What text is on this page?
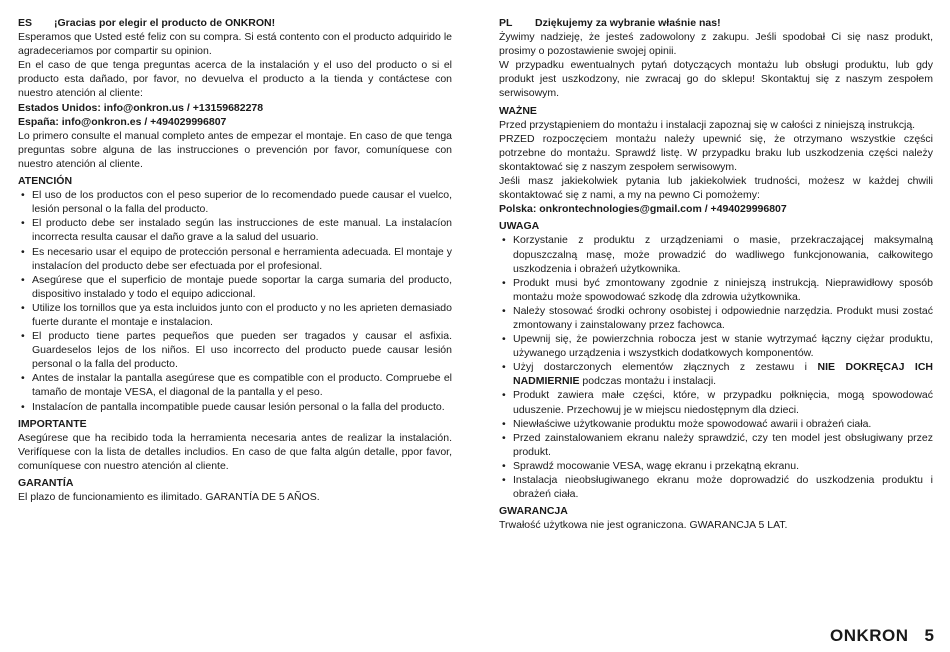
ES	¡Gracias por elegir el producto de ONKRON!

Esperamos que Usted esté feliz con su compra. Si está contento con el producto adquirido le agradeceriamos por compartir su opinion.

En el caso de que tenga preguntas acerca de la instalación y el uso del producto o si el producto esta dañado, por favor, no devuelva el producto a la tienda y contáctese con nuestro atención al cliente:

Estados Unidos: info@onkron.us / +13159682278

España: info@onkron.es / +494029996807

Lo primero consulte el manual completo antes de empezar el montaje. En caso de que tenga preguntas sobre alguna de las instrucciones o prevención por favor, comuníquese con nuestro atención al cliente.

ATENCIÓN
• El uso de los productos con el peso superior de lo recomendado puede causar el vuelco, lesión personal o la falla del producto.
• El producto debe ser instalado según las instrucciones de este manual. La instalacíon incorrecta resulta causar el daño grave a la salud del usuario.
• Es necesario usar el equipo de protección personal e herramienta adecuada. El montaje y instalacíon del producto debe ser efectuada por el profesional.
• Asegúrese que el superficio de montaje puede soportar la carga sumaria del producto, dispositivo instalado y todo el equipo adiccional.
• Utilize los tornillos que ya esta incluidos junto con el producto y no les aprieten demasiado fuerte durante el montaje e instalacion.
• El producto tiene partes pequeños que pueden ser tragados y causar el asfixia. Guardeselos lejos de los niños. El uso incorrecto del producto puede causar lesión personal o la falla del producto.
• Antes de instalar la pantalla asegúrese que es compatible con el producto. Compruebe el tamaño de montaje VESA, el diagonal de la pantalla y el peso.
• Instalacíon de pantalla incompatible puede causar lesión personal o la falla del producto.
IMPORTANTE

Asegúrese que ha recibido toda la herramienta necesaria antes de realizar la instalación. Verifíquese con la lista de detalles includios. En caso de que falta algún detalle, ppor favor, comuníquese con nuestro atención al cliente.

GARANTÍA

El plazo de funcionamiento es ilimitado. GARANTÍA DE 5 AÑOS.

PL	Dziękujemy za wybranie właśnie nas!

Żywimy nadzieję, że jesteś zadowolony z zakupu. Jeśli spodobał Ci się nasz produkt, prosimy o pozostawienie swojej opinii.

W przypadku ewentualnych pytań dotyczących montażu lub obsługi produktu, lub gdy produkt jest uszkodzony, nie zwracaj go do sklepu! Skontaktuj się z naszym zespołem serwisowym.

WAŻNE

Przed przystąpieniem do montażu i instalacji zapoznaj się w całości z niniejszą instrukcją.

PRZED rozpoczęciem montażu należy upewnić się, że otrzymano wszystkie części potrzebne do montażu. Sprawdź listę. W przypadku braku lub uszkodzenia części należy skontaktować się z naszym zespołem serwisowym.

Jeśli masz jakiekolwiek pytania lub jakiekolwiek trudności, możesz w każdej chwili skontaktować się z nami, a my na pewno Ci pomożemy:

Polska: onkrontechnologies@gmail.com / +494029996807

UWAGA
• Korzystanie z produktu z urządzeniami o masie, przekraczającej maksymalną dopuszczalną masę, może prowadzić do wadliwego funkcjonowania, całkowitego uszkodzenia i obrażeń użytkownika.
• Produkt musi być zmontowany zgodnie z niniejszą instrukcją. Nieprawidłowy sposób montażu może spowodować szkodę dla zdrowia użytkownika.
• Należy stosować środki ochrony osobistej i odpowiednie narzędzia. Produkt musi zostać zmontowany i zainstalowany przez fachowca.
• Upewnij się, że powierzchnia robocza jest w stanie wytrzymać łączny ciężar produktu, używanego urządzenia i wszystkich dodatkowych komponentów.
• Użyj dostarczonych elementów złącznych z zestawu i NIE DOKRĘCAJ ICH NADMIERNIE podczas montażu i instalacji.
• Produkt zawiera małe części, które, w przypadku połknięcia, mogą spowodować uduszenie. Przechowuj je w miejscu niedostępnym dla dzieci.
• Niewłaściwe użytkowanie produktu może spowodować awarii i obrażeń ciała.
• Przed zainstalowaniem ekranu należy sprawdzić, czy ten model jest obsługiwany przez produkt.
• Sprawdź mocowanie VESA, wagę ekranu i przekątną ekranu.
• Instalacja nieobsługiwanego ekranu może doprowadzić do uszkodzenia produktu i obrażeń ciała.
GWARANCJA

Trwałość użytkowa nie jest ograniczona. GWARANCJA 5 LAT.

ONKRON 5
